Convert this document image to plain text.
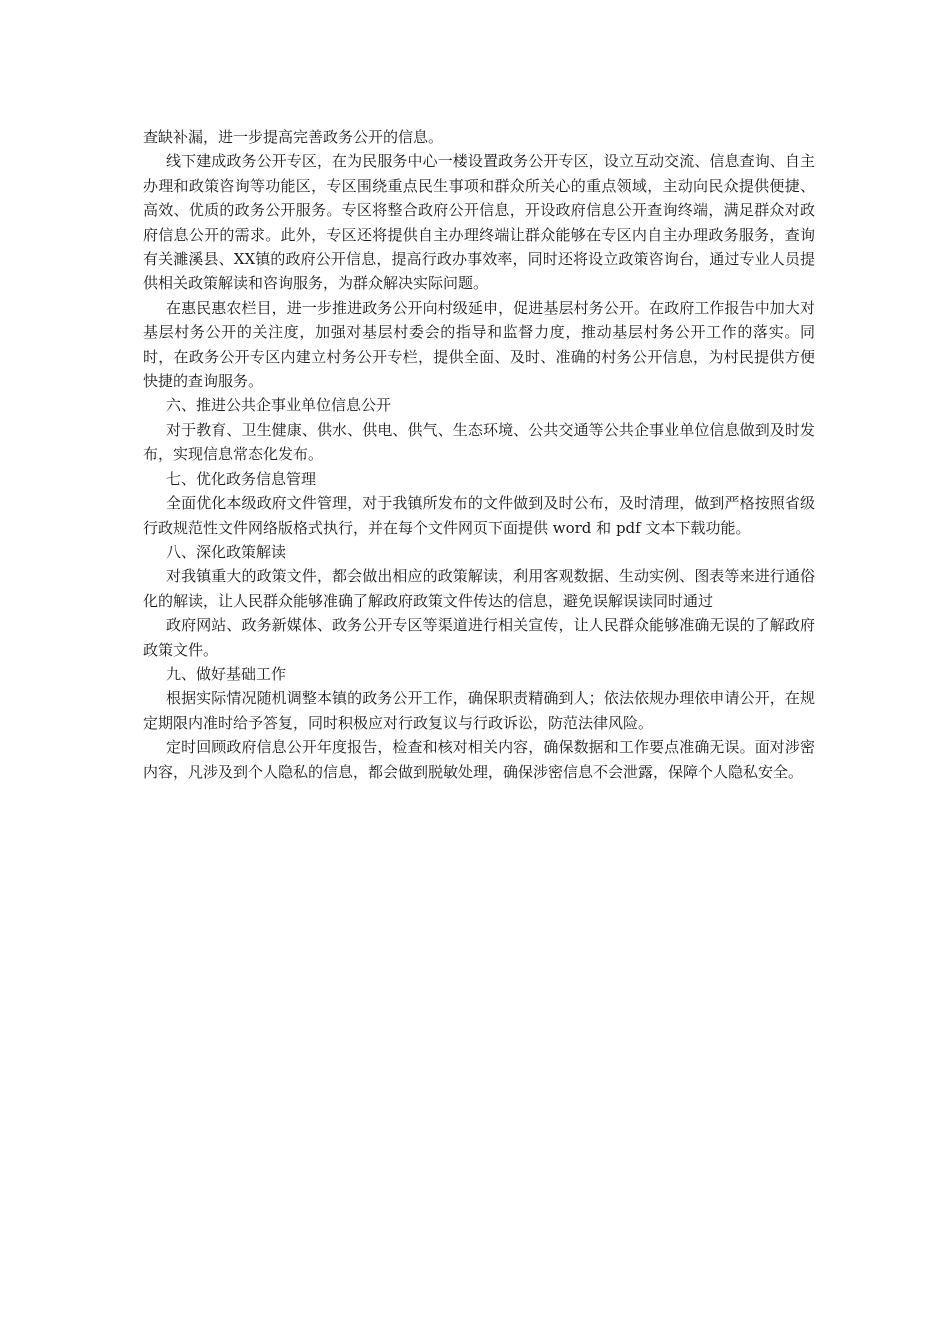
查缺补漏，进一步提高完善政务公开的信息。

线下建成政务公开专区，在为民服务中心一楼设置政务公开专区，设立互动交流、信息查询、自主办理和政策咨询等功能区，专区围绕重点民生事项和群众所关心的重点领域，主动向民众提供便捷、高效、优质的政务公开服务。专区将整合政府公开信息，开设政府信息公开查询终端，满足群众对政府信息公开的需求。此外，专区还将提供自主办理终端让群众能够在专区内自主办理政务服务，查询有关濉溪县、XX镇的政府公开信息，提高行政办事效率，同时还将设立政策咨询台，通过专业人员提供相关政策解读和咨询服务，为群众解决实际问题。

在惠民惠农栏目，进一步推进政务公开向村级延申，促进基层村务公开。在政府工作报告中加大对基层村务公开的关注度，加强对基层村委会的指导和监督力度，推动基层村务公开工作的落实。同时，在政务公开专区内建立村务公开专栏，提供全面、及时、准确的村务公开信息，为村民提供方便快捷的查询服务。

六、推进公共企事业单位信息公开

对于教育、卫生健康、供水、供电、供气、生态环境、公共交通等公共企事业单位信息做到及时发布，实现信息常态化发布。

七、优化政务信息管理

全面优化本级政府文件管理，对于我镇所发布的文件做到及时公布，及时清理，做到严格按照省级行政规范性文件网络版格式执行，并在每个文件网页下面提供 word 和 pdf 文本下载功能。

八、深化政策解读

对我镇重大的政策文件，都会做出相应的政策解读，利用客观数据、生动实例、图表等来进行通俗化的解读，让人民群众能够准确了解政府政策文件传达的信息，避免误解误读同时通过

政府网站、政务新媒体、政务公开专区等渠道进行相关宣传，让人民群众能够准确无误的了解政府政策文件。

九、做好基础工作

根据实际情况随机调整本镇的政务公开工作，确保职责精确到人；依法依规办理依申请公开，在规定期限内准时给予答复，同时积极应对行政复议与行政诉讼，防范法律风险。

定时回顾政府信息公开年度报告，检查和核对相关内容，确保数据和工作要点准确无误。面对涉密内容，凡涉及到个人隐私的信息，都会做到脱敏处理，确保涉密信息不会泄露，保障个人隐私安全。
